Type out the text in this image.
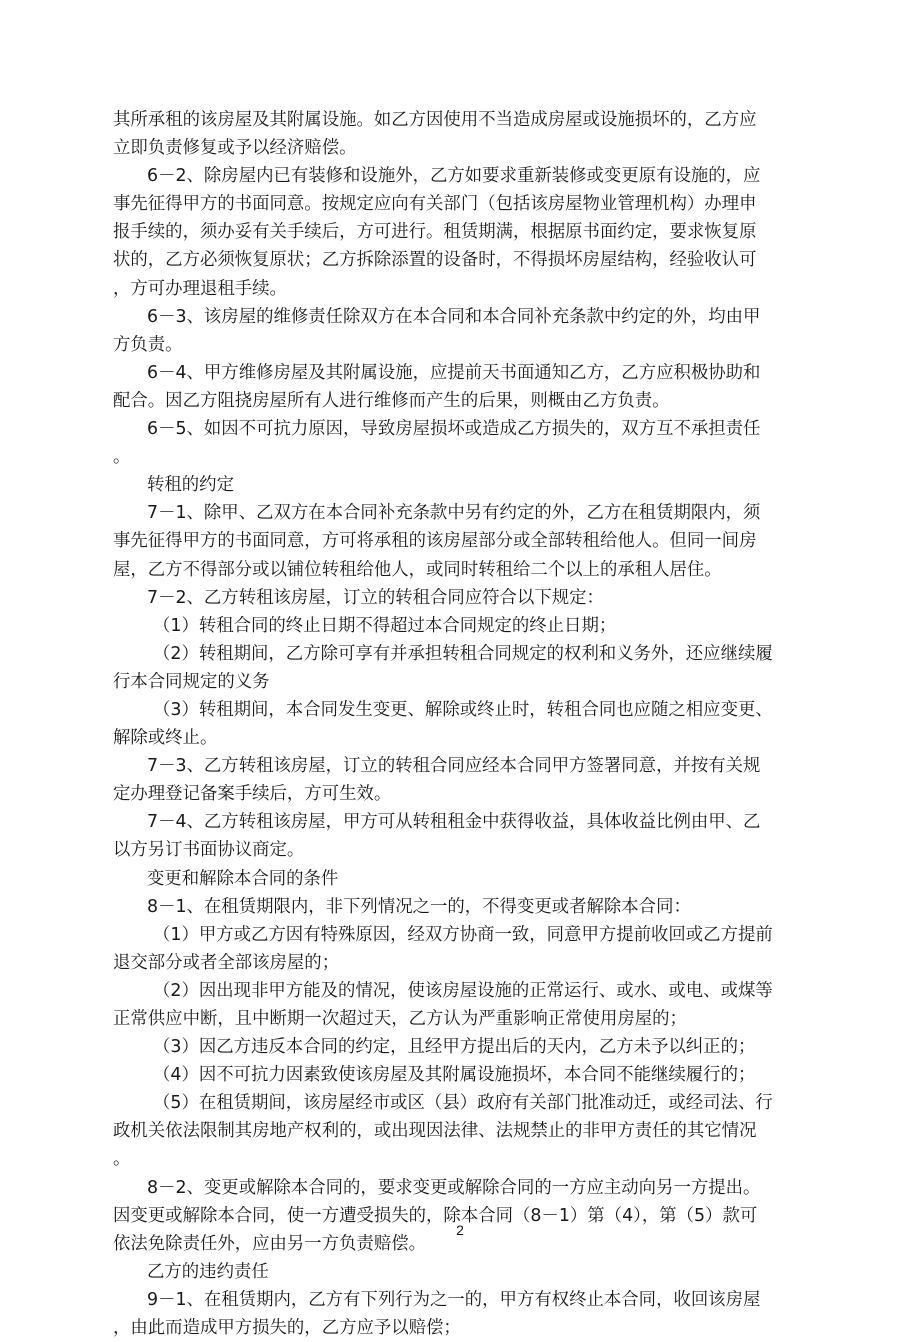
其所承租的该房屋及其附属设施。如乙方因使用不当造成房屋或设施损坏的，乙方应
立即负责修复或予以经济赔偿。
6－2、除房屋内已有装修和设施外，乙方如要求重新装修或变更原有设施的，应
事先征得甲方的书面同意。按规定应向有关部门（包括该房屋物业管理机构）办理申
报手续的，须办妥有关手续后，方可进行。租赁期满，根据原书面约定，要求恢复原
状的，乙方必须恢复原状；乙方拆除添置的设备时，不得损坏房屋结构，经验收认可
，方可办理退租手续。
6－3、该房屋的维修责任除双方在本合同和本合同补充条款中约定的外，均由甲
方负责。
6－4、甲方维修房屋及其附属设施，应提前天书面通知乙方，乙方应积极协助和
配合。因乙方阻挠房屋所有人进行维修而产生的后果，则概由乙方负责。
6－5、如因不可抗力原因，导致房屋损坏或造成乙方损失的，双方互不承担责任
。
转租的约定
7－1、除甲、乙双方在本合同补充条款中另有约定的外，乙方在租赁期限内，须
事先征得甲方的书面同意，方可将承租的该房屋部分或全部转租给他人。但同一间房
屋，乙方不得部分或以铺位转租给他人，或同时转租给二个以上的承租人居住。
7－2、乙方转租该房屋，订立的转租合同应符合以下规定：
（1）转租合同的终止日期不得超过本合同规定的终止日期；
（2）转租期间，乙方除可享有并承担转租合同规定的权利和义务外，还应继续履
行本合同规定的义务
（3）转租期间，本合同发生变更、解除或终止时，转租合同也应随之相应变更、
解除或终止。
7－3、乙方转租该房屋，订立的转租合同应经本合同甲方签署同意，并按有关规
定办理登记备案手续后，方可生效。
7－4、乙方转租该房屋，甲方可从转租租金中获得收益，具体收益比例由甲、乙
以方另订书面协议商定。
变更和解除本合同的条件
8－1、在租赁期限内，非下列情况之一的，不得变更或者解除本合同：
（1）甲方或乙方因有特殊原因，经双方协商一致，同意甲方提前收回或乙方提前
退交部分或者全部该房屋的；
（2）因出现非甲方能及的情况，使该房屋设施的正常运行、或水、或电、或煤等
正常供应中断，且中断期一次超过天，乙方认为严重影响正常使用房屋的；
（3）因乙方违反本合同的约定，且经甲方提出后的天内，乙方未予以纠正的；
（4）因不可抗力因素致使该房屋及其附属设施损坏，本合同不能继续履行的；
（5）在租赁期间，该房屋经市或区（县）政府有关部门批准动迁，或经司法、行
政机关依法限制其房地产权利的，或出现因法律、法规禁止的非甲方责任的其它情况
。
8－2、变更或解除本合同的，要求变更或解除合同的一方应主动向另一方提出。
因变更或解除本合同，使一方遭受损失的，除本合同（8－1）第（4），第（5）款可
依法免除责任外，应由另一方负责赔偿。
乙方的违约责任
9－1、在租赁期内，乙方有下列行为之一的，甲方有权终止本合同，收回该房屋
，由此而造成甲方损失的，乙方应予以赔偿；
2
